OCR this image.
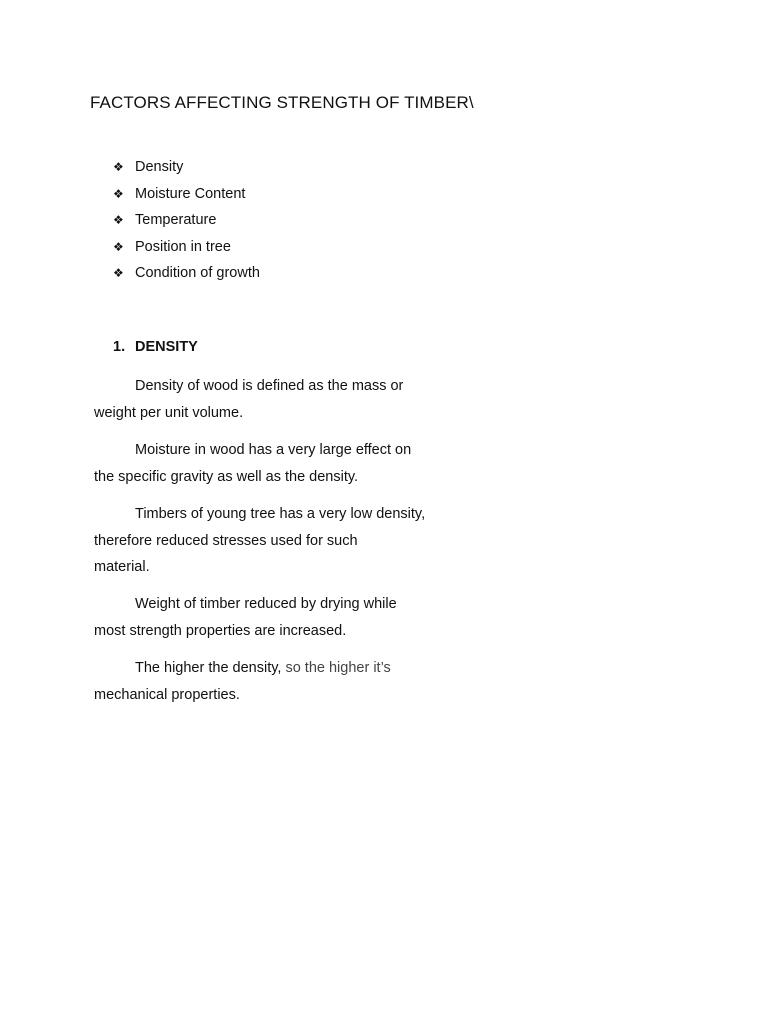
FACTORS AFFECTING STRENGTH OF TIMBER\
❖ Density
❖ Moisture Content
❖ Temperature
❖ Position in tree
❖ Condition of growth
1. DENSITY

Density of wood is defined as the mass or
weight per unit volume.

Moisture in wood has a very large effect on
the specific gravity as well as the density.

Timbers of young tree has a very low density,
therefore reduced stresses used for such
material.

Weight of timber reduced by drying while
most strength properties are increased.

The higher the density, so the higher it’s
mechanical properties.
